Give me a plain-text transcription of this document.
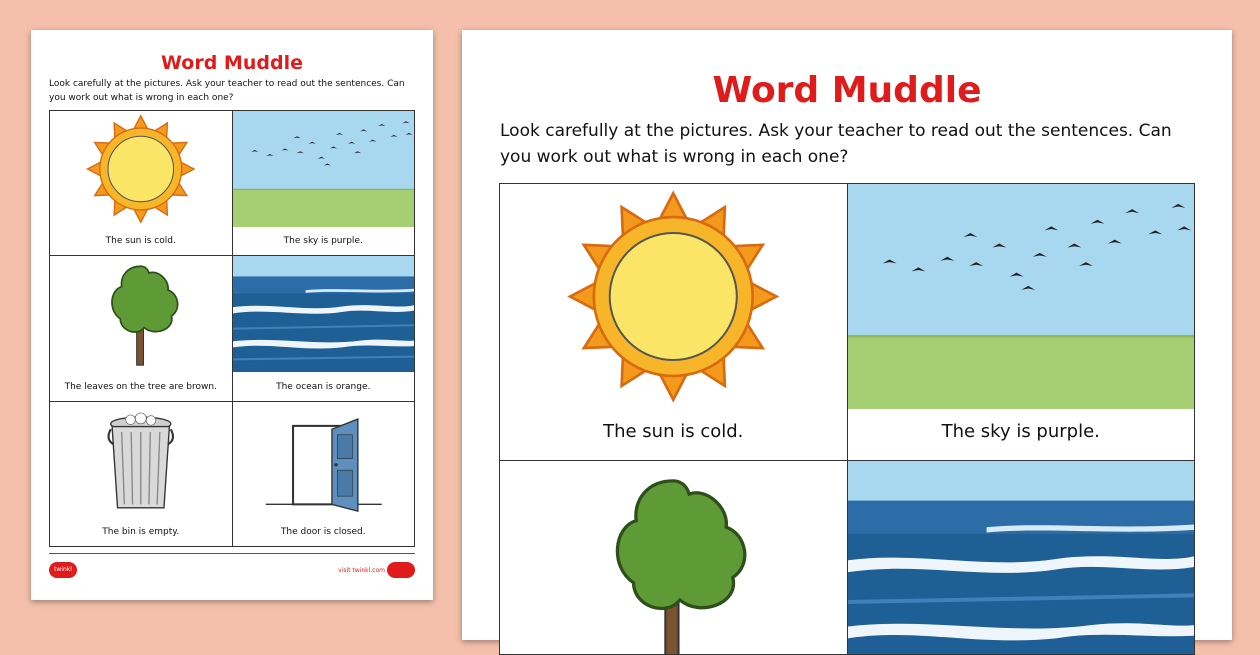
Word Muddle
Look carefully at the pictures. Ask your teacher to read out the sentences. Can you work out what is wrong in each one?
The sun is cold.	The sky is purple.
The leaves on the tree are brown.	The ocean is orange.
The bin is empty.	The door is closed.
twinkl	visit twinkl.com
Word Muddle
Look carefully at the pictures. Ask your teacher to read out the sentences. Can you work out what is wrong in each one?
The sun is cold.	The sky is purple.
